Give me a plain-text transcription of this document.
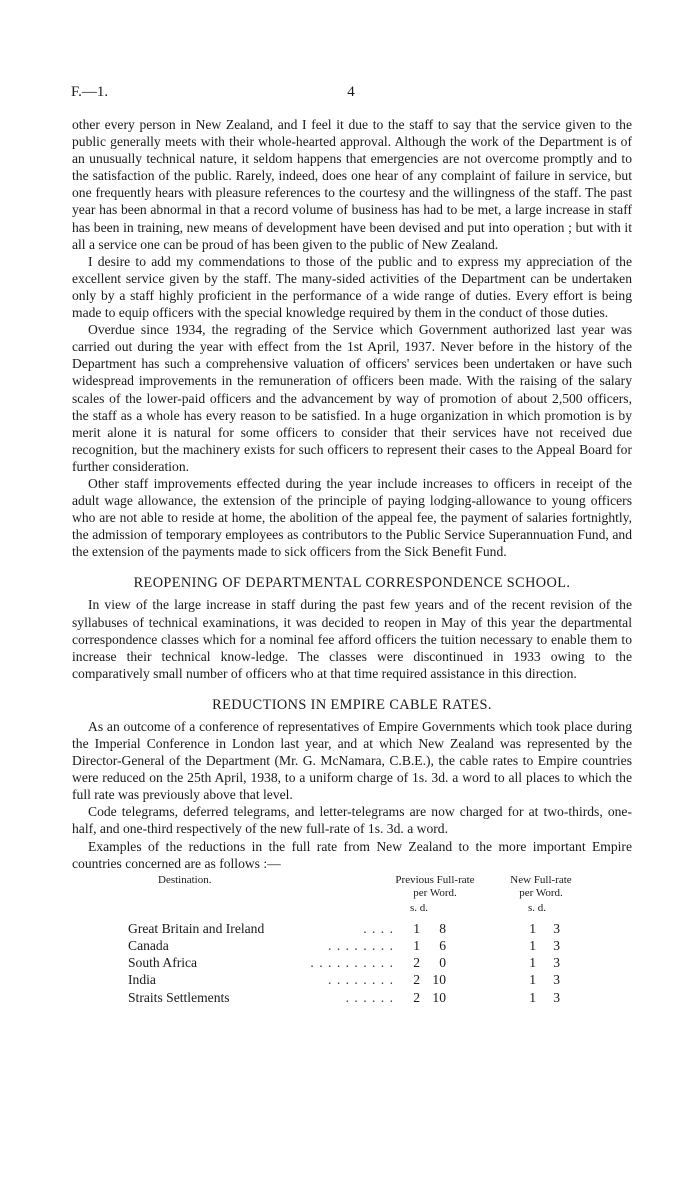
F.—1.	4

other every person in New Zealand, and I feel it due to the staff to say that the service given to the public generally meets with their whole-hearted approval. Although the work of the Department is of an unusually technical nature, it seldom happens that emergencies are not overcome promptly and to the satisfaction of the public. Rarely, indeed, does one hear of any complaint of failure in service, but one frequently hears with pleasure references to the courtesy and the willingness of the staff. The past year has been abnormal in that a record volume of business has had to be met, a large increase in staff has been in training, new means of development have been devised and put into operation ; but with it all a service one can be proud of has been given to the public of New Zealand.

I desire to add my commendations to those of the public and to express my appreciation of the excellent service given by the staff. The many-sided activities of the Department can be undertaken only by a staff highly proficient in the performance of a wide range of duties. Every effort is being made to equip officers with the special knowledge required by them in the conduct of those duties.

Overdue since 1934, the regrading of the Service which Government authorized last year was carried out during the year with effect from the 1st April, 1937. Never before in the history of the Department has such a comprehensive valuation of officers' services been undertaken or have such widespread improvements in the remuneration of officers been made. With the raising of the salary scales of the lower-paid officers and the advancement by way of promotion of about 2,500 officers, the staff as a whole has every reason to be satisfied. In a huge organization in which promotion is by merit alone it is natural for some officers to consider that their services have not received due recognition, but the machinery exists for such officers to represent their cases to the Appeal Board for further consideration.

Other staff improvements effected during the year include increases to officers in receipt of the adult wage allowance, the extension of the principle of paying lodging-allowance to young officers who are not able to reside at home, the abolition of the appeal fee, the payment of salaries fortnightly, the admission of temporary employees as contributors to the Public Service Superannuation Fund, and the extension of the payments made to sick officers from the Sick Benefit Fund.

REOPENING OF DEPARTMENTAL CORRESPONDENCE SCHOOL.

In view of the large increase in staff during the past few years and of the recent revision of the syllabuses of technical examinations, it was decided to reopen in May of this year the departmental correspondence classes which for a nominal fee afford officers the tuition necessary to enable them to increase their technical know-ledge. The classes were discontinued in 1933 owing to the comparatively small number of officers who at that time required assistance in this direction.

REDUCTIONS IN EMPIRE CABLE RATES.

As an outcome of a conference of representatives of Empire Governments which took place during the Imperial Conference in London last year, and at which New Zealand was represented by the Director-General of the Department (Mr. G. McNamara, C.B.E.), the cable rates to Empire countries were reduced on the 25th April, 1938, to a uniform charge of 1s. 3d. a word to all places to which the full rate was previously above that level.

Code telegrams, deferred telegrams, and letter-telegrams are now charged for at two-thirds, one-half, and one-third respectively of the new full-rate of 1s. 3d. a word.

Examples of the reductions in the full rate from New Zealand to the more important Empire countries concerned are as follows :—

Destination.	Previous Full-rate
per Word.
New Full-rate
per Word.
s. d.	s. d.
Great Britain and Ireland	. . . .	1	8	1	3
Canada	. . . . . . . .	1	6	1	3
South Africa	. . . . . . . . . .	2	0	1	3
India	. . . . . . . .	2 10	1	3
Straits Settlements	. . . . . .	2 10	1	3
